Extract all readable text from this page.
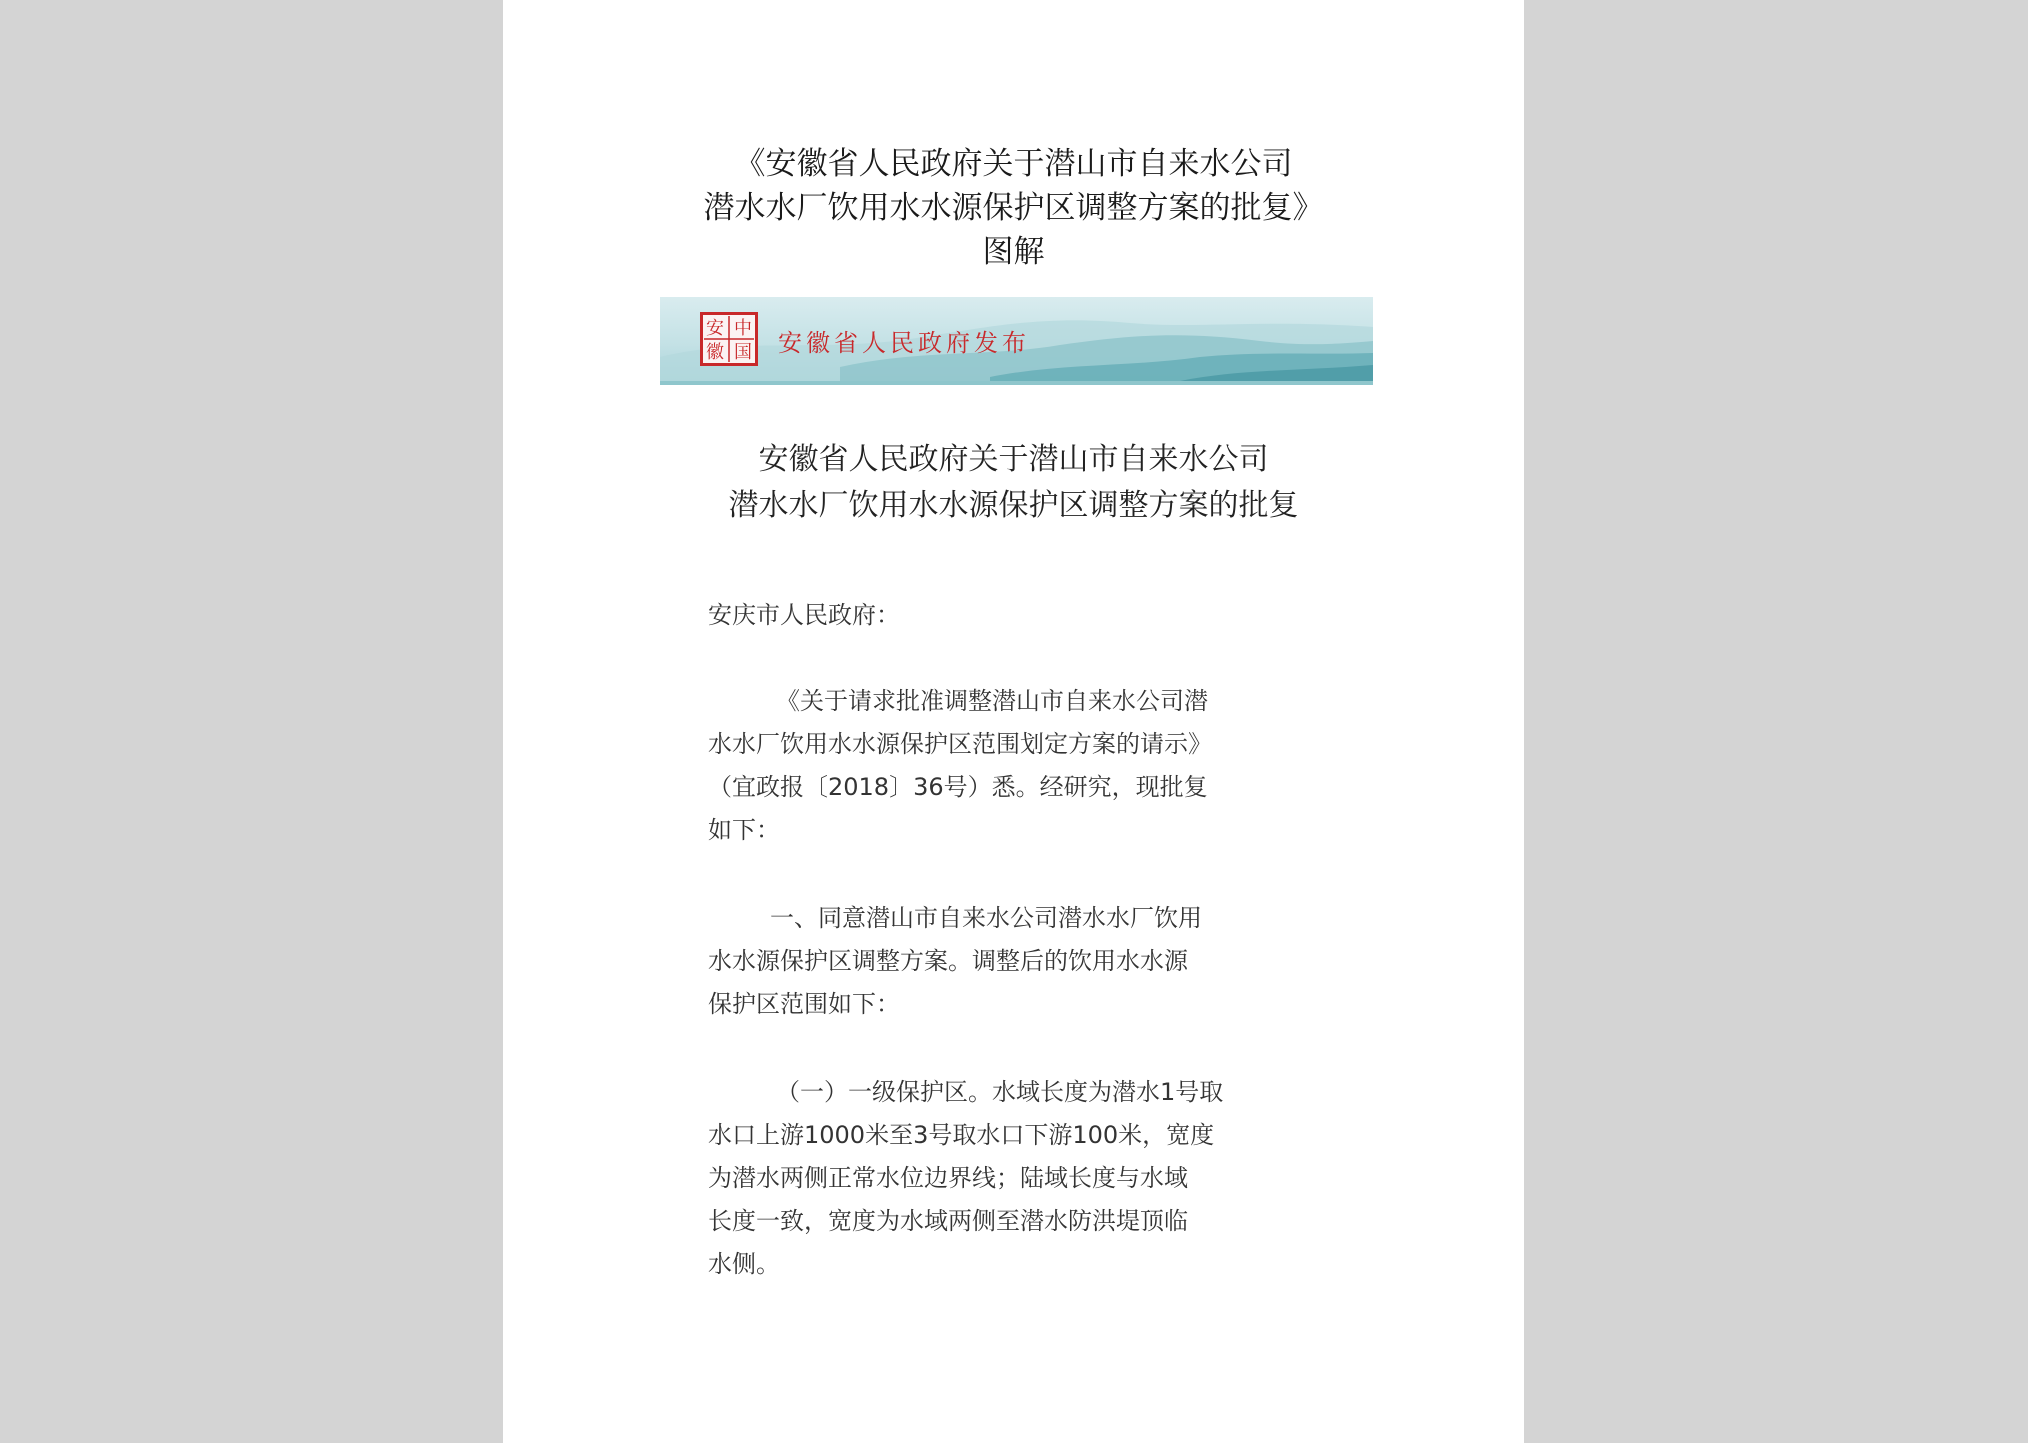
《安徽省人民政府关于潜山市自来水公司
潜水水厂饮用水水源保护区调整方案的批复》
图解
安 中
徽 国 安徽省人民政府发布
安徽省人民政府关于潜山市自来水公司
潜水水厂饮用水水源保护区调整方案的批复
安庆市人民政府：
《关于请求批准调整潜山市自来水公司潜
水水厂饮用水水源保护区范围划定方案的请示》
（宜政报〔2018〕36号）悉。经研究，现批复
如下：
一、同意潜山市自来水公司潜水水厂饮用
水水源保护区调整方案。调整后的饮用水水源
保护区范围如下：
（一）一级保护区。水域长度为潜水1号取
水口上游1000米至3号取水口下游100米，宽度
为潜水两侧正常水位边界线；陆域长度与水域
长度一致，宽度为水域两侧至潜水防洪堤顶临
水侧。
